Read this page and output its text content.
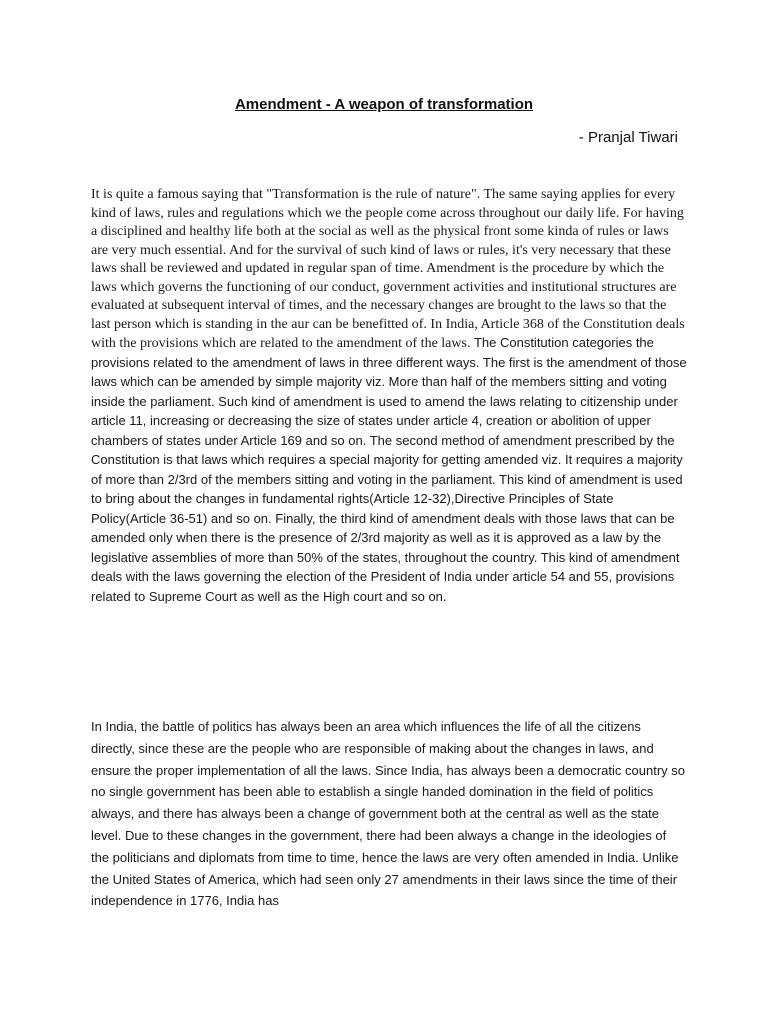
Amendment - A weapon of transformation
- Pranjal Tiwari

It is quite a famous saying that "Transformation is the rule of nature". The same saying applies for every kind of laws, rules and regulations which we the people come across throughout our daily life. For having a disciplined and healthy life both at the social as well as the physical front some kinda of rules or laws are very much essential. And for the survival of such kind of laws or rules, it's very necessary that these laws shall be reviewed and updated in regular span of time. Amendment is the procedure by which the laws which governs the functioning of our conduct, government activities and institutional structures are evaluated at subsequent interval of times, and the necessary changes are brought to the laws so that the last person which is standing in the aur can be benefitted of. In India, Article 368 of the Constitution deals with the provisions which are related to the amendment of the laws. The Constitution categories the provisions related to the amendment of laws in three different ways. The first is the amendment of those laws which can be amended by simple majority viz. More than half of the members sitting and voting inside the parliament. Such kind of amendment is used to amend the laws relating to citizenship under article 11, increasing or decreasing the size of states under article 4, creation or abolition of upper chambers of states under Article 169 and so on. The second method of amendment prescribed by the Constitution is that laws which requires a special majority for getting amended viz. It requires a majority of more than 2/3rd of the members sitting and voting in the parliament. This kind of amendment is used to bring about the changes in fundamental rights(Article 12-32),Directive Principles of State Policy(Article 36-51) and so on. Finally, the third kind of amendment deals with those laws that can be amended only when there is the presence of 2/3rd majority as well as it is approved as a law by the legislative assemblies of more than 50% of the states, throughout the country. This kind of amendment deals with the laws governing the election of the President of India under article 54 and 55, provisions related to Supreme Court as well as the High court and so on.

In India, the battle of politics has always been an area which influences the life of all the citizens directly, since these are the people who are responsible of making about the changes in laws, and ensure the proper implementation of all the laws. Since India, has always been a democratic country so no single government has been able to establish a single handed domination in the field of politics always, and there has always been a change of government both at the central as well as the state level. Due to these changes in the government, there had been always a change in the ideologies of the politicians and diplomats from time to time, hence the laws are very often amended in India. Unlike the United States of America, which had seen only 27 amendments in their laws since the time of their independence in 1776, India has
